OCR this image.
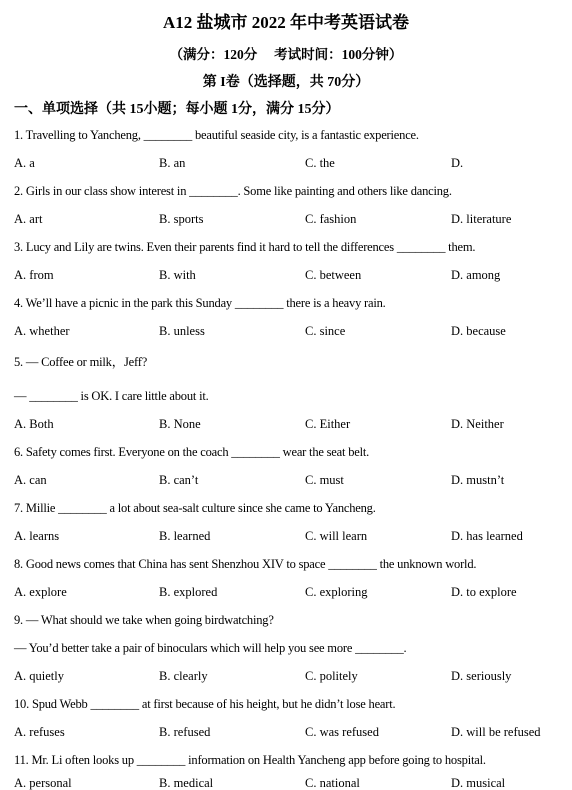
A12 盐城市 2022 年中考英语试卷
（满分：120分　 考试时间：100分钟）
第 I卷（选择题，共 70分）
一、单项选择（共 15小题；每小题 1分，满分 15分）
1. Travelling to Yancheng, ________ beautiful seaside city, is a fantastic experience.
A. a	B. an	C. the	D.
2. Girls in our class show interest in ________. Some like painting and others like dancing.
A. art	B. sports	C. fashion	D. literature
3. Lucy and Lily are twins. Even their parents find it hard to tell the differences ________ them.
A. from	B. with	C. between	D. among
4. We’ll have a picnic in the park this Sunday ________ there is a heavy rain.
A. whether	B. unless	C. since	D. because
5. — Coffee or milk，Jeff?
— ________ is OK. I care little about it.
A. Both	B. None	C. Either	D. Neither
6. Safety comes first. Everyone on the coach ________ wear the seat belt.
A. can	B. can’t	C. must	D. mustn’t
7. Millie ________ a lot about sea-salt culture since she came to Yancheng.
A. learns	B. learned	C. will learn	D. has learned
8. Good news comes that China has sent Shenzhou XIV to space ________ the unknown world.
A. explore	B. explored	C. exploring	D. to explore
9. — What should we take when going birdwatching?
— You’d better take a pair of binoculars which will help you see more ________.
A. quietly	B. clearly	C. politely	D. seriously
10. Spud Webb ________ at first because of his height, but he didn’t lose heart.
A. refuses	B. refused	C. was refused	D. will be refused
11. Mr. Li often looks up ________ information on Health Yancheng app before going to hospital.
A. personal	B. medical	C. national	D. musical
